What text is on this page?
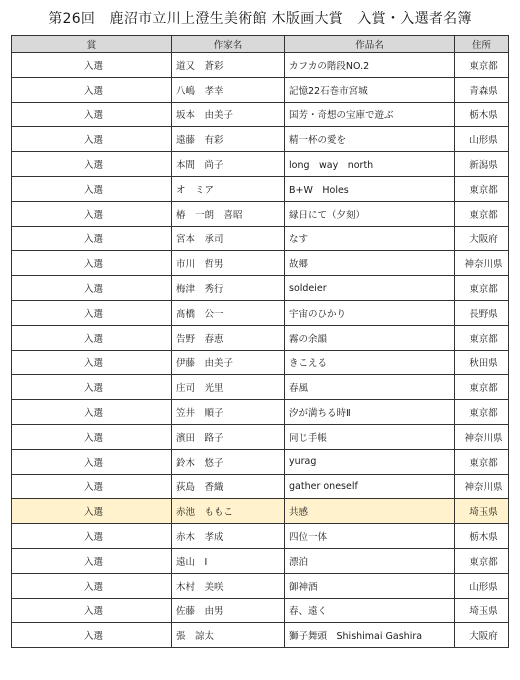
第26回　鹿沼市立川上澄生美術館 木版画大賞　入賞・入選者名簿
賞	作家名	作品名	住所
入選	道又　蒼彩	カフカの階段NO.2	東京都
入選	八嶋　孝幸	記憶22石巻市宮城	青森県
入選	坂本　由美子	国芳・奇想の宝庫で遊ぶ	栃木県
入選	遠藤　有彩	精一杯の愛を	山形県
入選	本間　尚子	long　way　north	新潟県
入選	オ　ミア	B+W　Holes	東京都
入選	椿　一朗　喜昭	縁日にて（夕刻）	東京都
入選	宮本　承司	なす	大阪府
入選	市川　哲男	故郷	神奈川県
入選	梅津　秀行	soldeier	東京都
入選	髙橋　公一	宇宙のひかり	長野県
入選	告野　春恵	霧の余韻	東京都
入選	伊藤　由美子	きこえる	秋田県
入選	庄司　光里	春風	東京都
入選	笠井　順子	汐が満ちる時Ⅱ	東京都
入選	濱田　路子	同じ手帳	神奈川県
入選	鈴木　悠子	yurag	東京都
入選	荻島　香織	gather oneself	神奈川県
入選	赤池　ももこ	共感	埼玉県
入選	赤木　孝成	四位一体	栃木県
入選	遠山　I	漂泊	東京都
入選	木村　美咲	御神酒	山形県
入選	佐藤　由男	春、遠く	埼玉県
入選	張　諒太	獅子舞頭　Shishimai Gashira	大阪府
